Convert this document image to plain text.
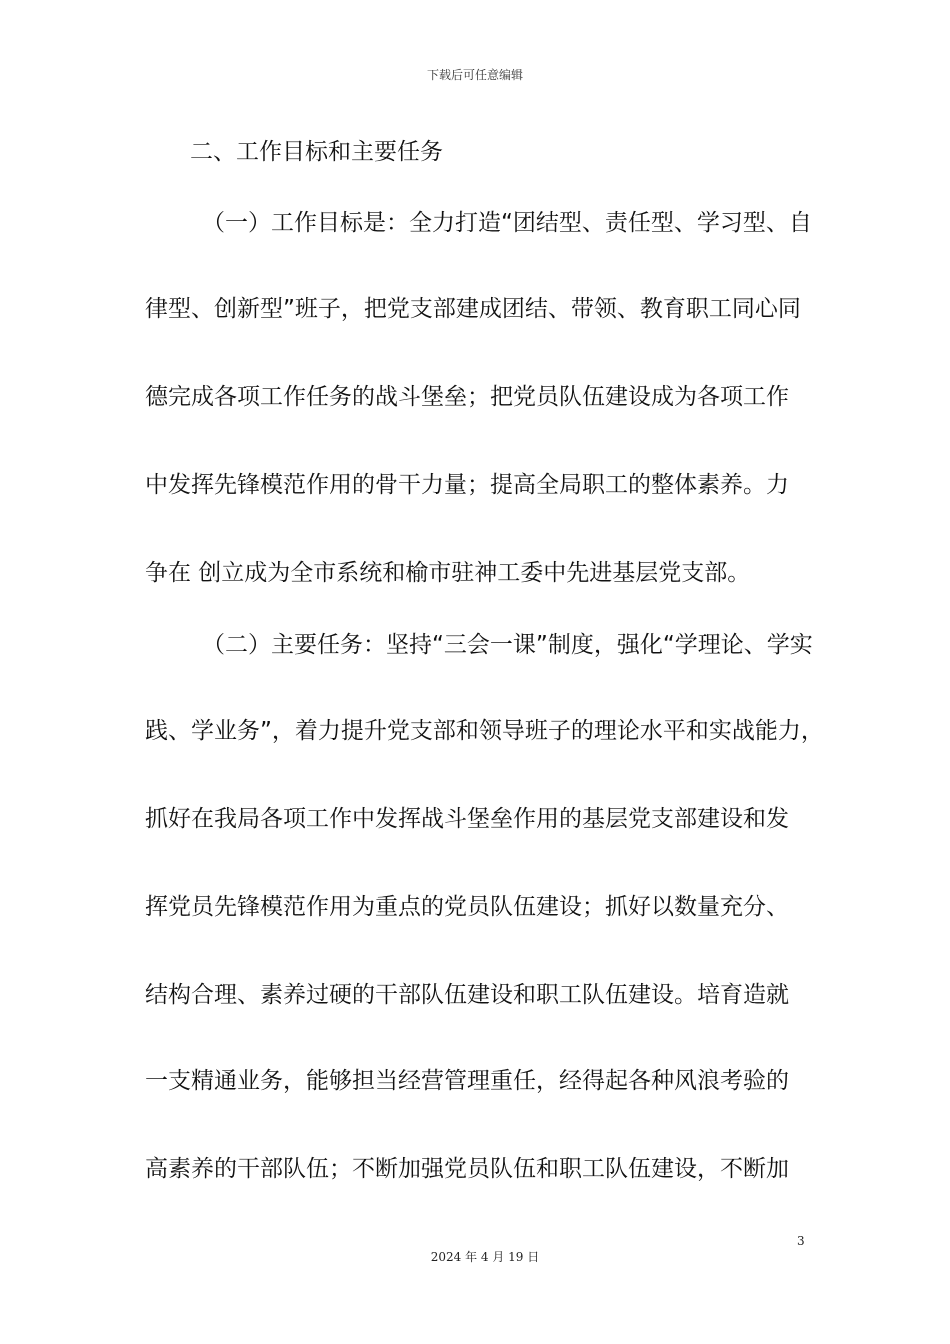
下载后可任意编辑
二、工作目标和主要任务
（一）工作目标是：全力打造“团结型、责任型、学习型、自
律型、创新型”班子，把党支部建成团结、带领、教育职工同心同
德完成各项工作任务的战斗堡垒；把党员队伍建设成为各项工作
中发挥先锋模范作用的骨干力量；提高全局职工的整体素养。力
争在 创立成为全市系统和榆市驻神工委中先进基层党支部。
（二）主要任务：坚持“三会一课”制度，强化“学理论、学实
践、学业务”，着力提升党支部和领导班子的理论水平和实战能力，
抓好在我局各项工作中发挥战斗堡垒作用的基层党支部建设和发
挥党员先锋模范作用为重点的党员队伍建设；抓好以数量充分、
结构合理、素养过硬的干部队伍建设和职工队伍建设。培育造就
一支精通业务，能够担当经营管理重任，经得起各种风浪考验的
高素养的干部队伍；不断加强党员队伍和职工队伍建设，不断加
3
2024 年 4 月 19 日
